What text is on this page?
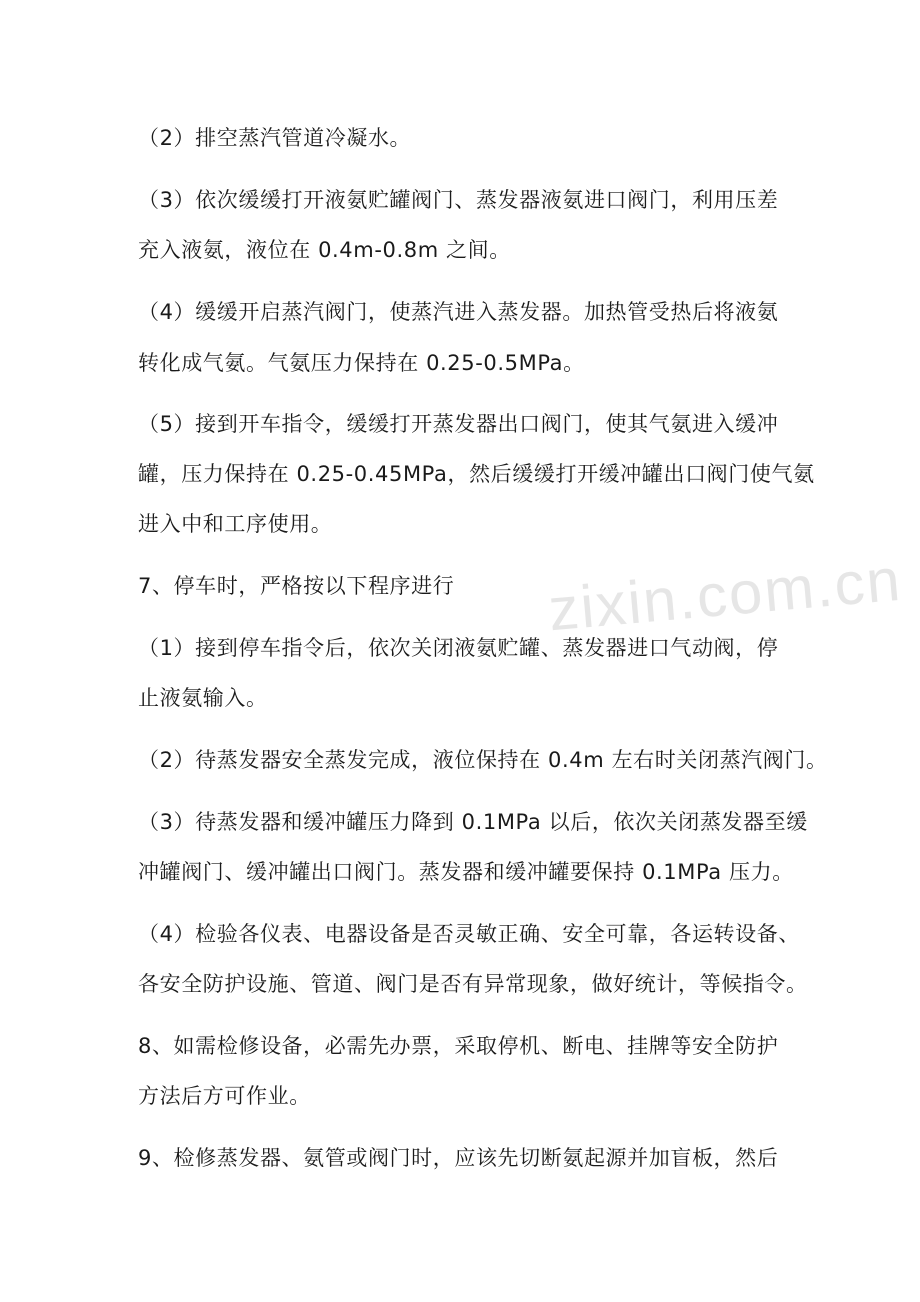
zixin.com.cn
（2）排空蒸汽管道冷凝水。
（3）依次缓缓打开液氨贮罐阀门、蒸发器液氨进口阀门，利用压差
充入液氨，液位在 0.4m-0.8m 之间。
（4）缓缓开启蒸汽阀门，使蒸汽进入蒸发器。加热管受热后将液氨
转化成气氨。气氨压力保持在 0.25-0.5MPa。
（5）接到开车指令，缓缓打开蒸发器出口阀门，使其气氨进入缓冲
罐，压力保持在 0.25-0.45MPa，然后缓缓打开缓冲罐出口阀门使气氨
进入中和工序使用。
7、停车时，严格按以下程序进行
（1）接到停车指令后，依次关闭液氨贮罐、蒸发器进口气动阀，停
止液氨输入。
（2）待蒸发器安全蒸发完成，液位保持在 0.4m 左右时关闭蒸汽阀门。
（3）待蒸发器和缓冲罐压力降到 0.1MPa 以后，依次关闭蒸发器至缓
冲罐阀门、缓冲罐出口阀门。蒸发器和缓冲罐要保持 0.1MPa 压力。
（4）检验各仪表、电器设备是否灵敏正确、安全可靠，各运转设备、
各安全防护设施、管道、阀门是否有异常现象，做好统计，等候指令。
8、如需检修设备，必需先办票，采取停机、断电、挂牌等安全防护
方法后方可作业。
9、检修蒸发器、氨管或阀门时，应该先切断氨起源并加盲板，然后
